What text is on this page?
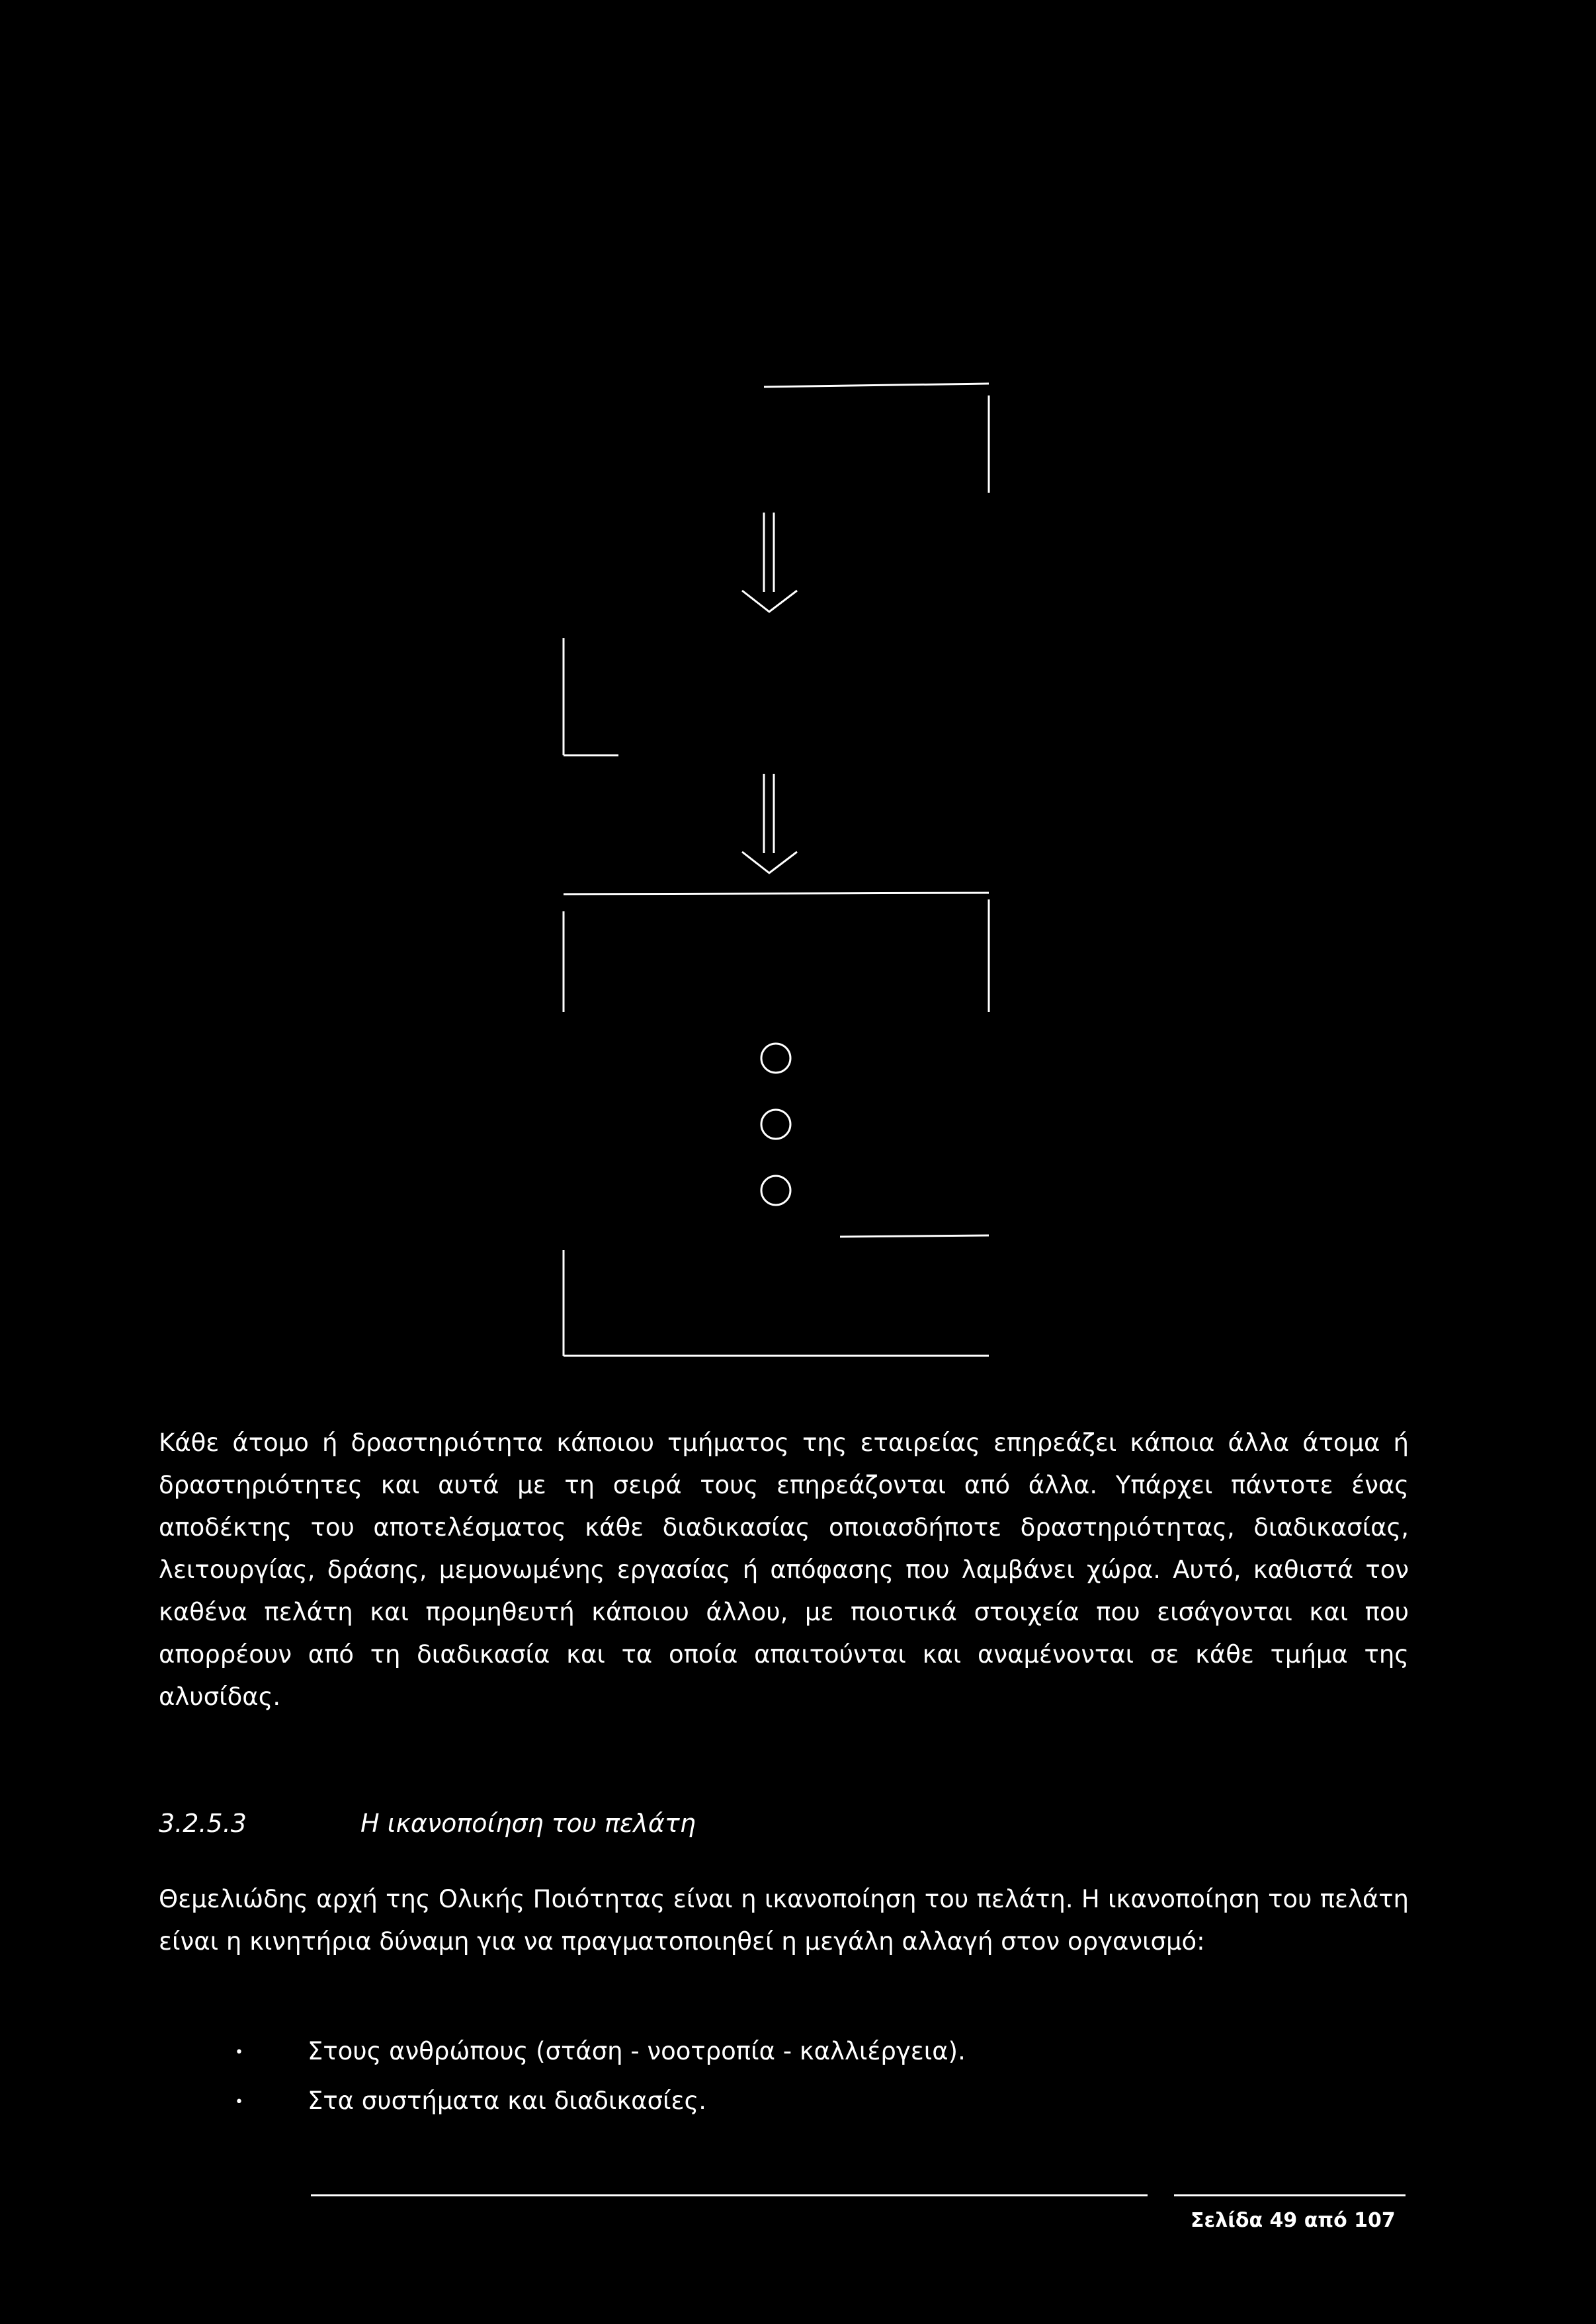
Κάθε άτομο ή δραστηριότητα κάποιου τμήματος της εταιρείας επηρεάζει κάποια άλλα άτομα ή δραστηριότητες και αυτά με τη σειρά τους επηρεάζονται από άλλα. Υπάρχει πάντοτε ένας αποδέκτης του αποτελέσματος κάθε διαδικασίας οποιασδήποτε δραστηριότητας, διαδικασίας, λειτουργίας, δράσης, μεμονωμένης εργασίας ή απόφασης που λαμβάνει χώρα. Αυτό, καθιστά τον καθένα πελάτη και προμηθευτή κάποιου άλλου, με ποιοτικά στοιχεία που εισάγονται και που απορρέουν από τη διαδικασία και τα οποία απαιτούνται και αναμένονται σε κάθε τμήμα της αλυσίδας.

3.2.5.3	Η ικανοποίηση του πελάτη

Θεμελιώδης αρχή της Ολικής Ποιότητας είναι η ικανοποίηση του πελάτη. Η ικανοποίηση του πελάτη είναι η κινητήρια δύναμη για να πραγματοποιηθεί η μεγάλη αλλαγή στον οργανισμό:

•	Στους ανθρώπους (στάση - νοοτροπία - καλλιέργεια).
•	Στα συστήματα και διαδικασίες.
Σελίδα 49 από 107
